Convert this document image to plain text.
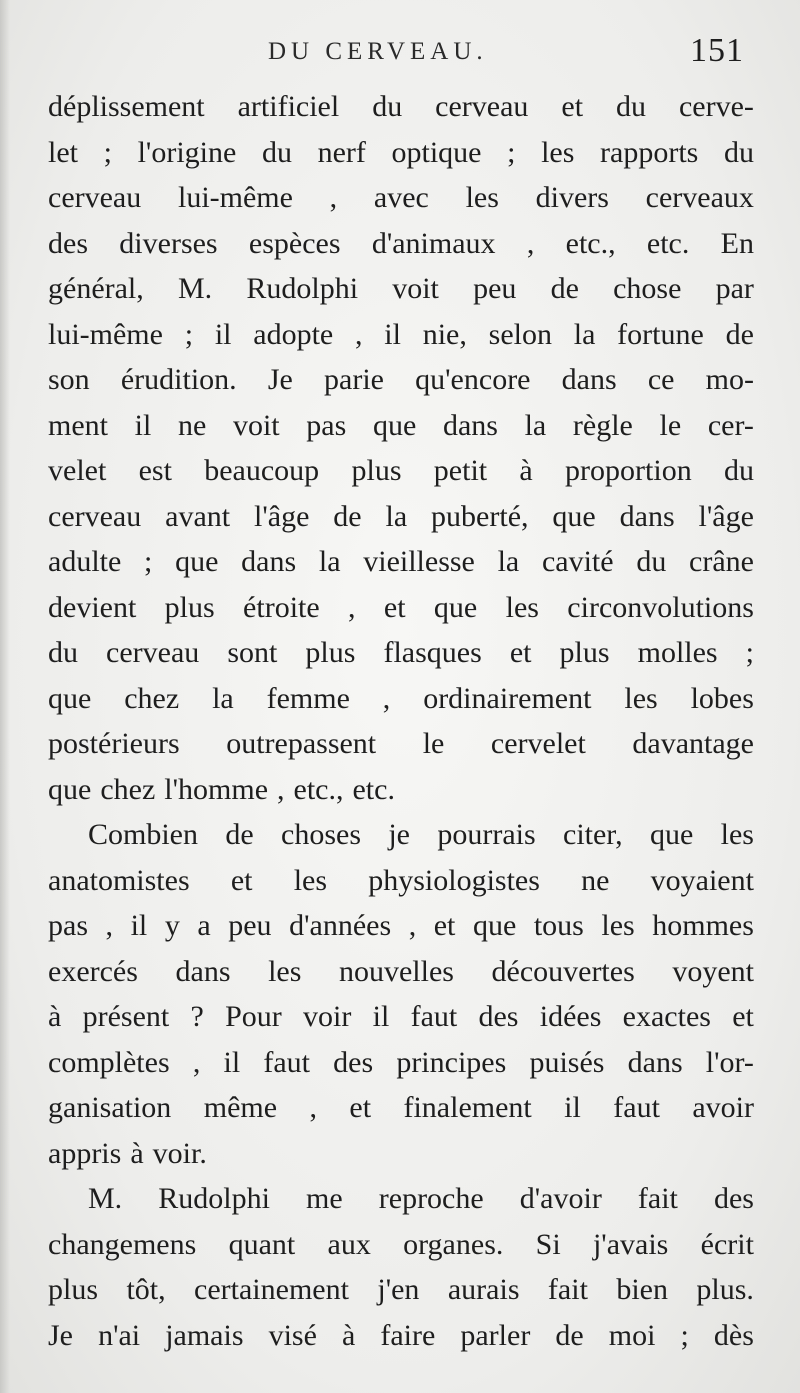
DU CERVEAU.	151
déplissement artificiel du cerveau et du cerve-
let ; l'origine du nerf optique ; les rapports du
cerveau lui-même , avec les divers cerveaux
des diverses espèces d'animaux , etc., etc. En
général, M. Rudolphi voit peu de chose par
lui-même ; il adopte , il nie, selon la fortune de
son érudition. Je parie qu'encore dans ce mo-
ment il ne voit pas que dans la règle le cer-
velet est beaucoup plus petit à proportion du
cerveau avant l'âge de la puberté, que dans l'âge
adulte ; que dans la vieillesse la cavité du crâne
devient plus étroite , et que les circonvolutions
du cerveau sont plus flasques et plus molles ;
que chez la femme , ordinairement les lobes
postérieurs outrepassent le cervelet davantage
que chez l'homme , etc., etc.
Combien de choses je pourrais citer, que les
anatomistes et les physiologistes ne voyaient
pas , il y a peu d'années , et que tous les hommes
exercés dans les nouvelles découvertes voyent
à présent ? Pour voir il faut des idées exactes et
complètes , il faut des principes puisés dans l'or-
ganisation même , et finalement il faut avoir
appris à voir.
M. Rudolphi me reproche d'avoir fait des
changemens quant aux organes. Si j'avais écrit
plus tôt, certainement j'en aurais fait bien plus.
Je n'ai jamais visé à faire parler de moi ; dès
